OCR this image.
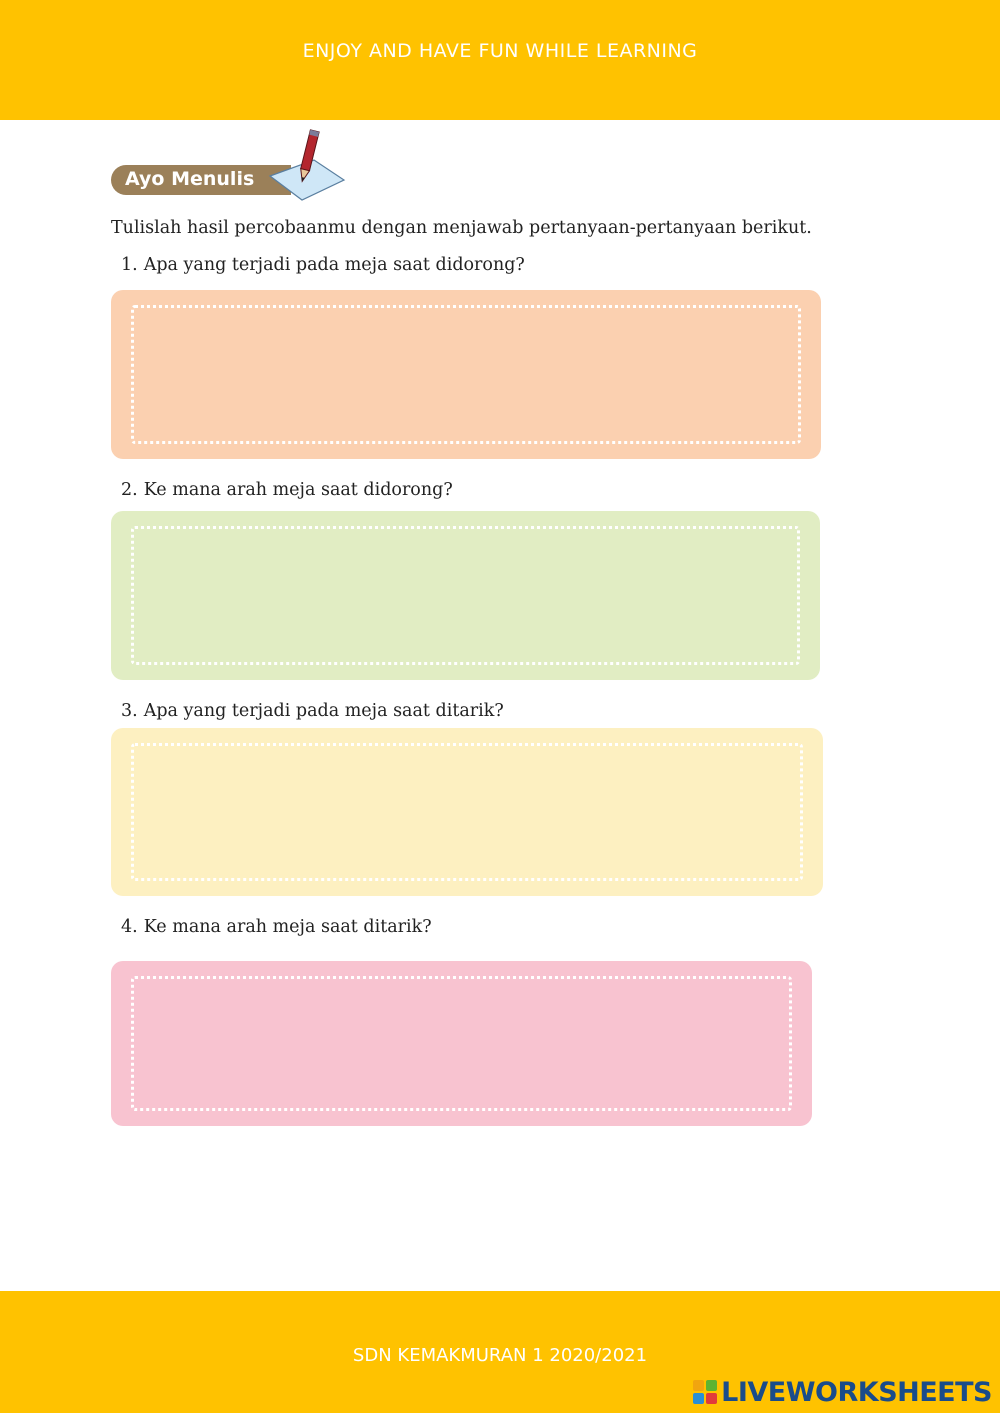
ENJOY AND HAVE FUN WHILE LEARNING
Ayo Menulis
Tulislah hasil percobaanmu dengan menjawab pertanyaan-pertanyaan berikut.
1. Apa yang terjadi pada meja saat didorong?
2. Ke mana arah meja saat didorong?
3. Apa yang terjadi pada meja saat ditarik?
4. Ke mana arah meja saat ditarik?
SDN KEMAKMURAN 1 2020/2021
LIVEWORKSHEETS
